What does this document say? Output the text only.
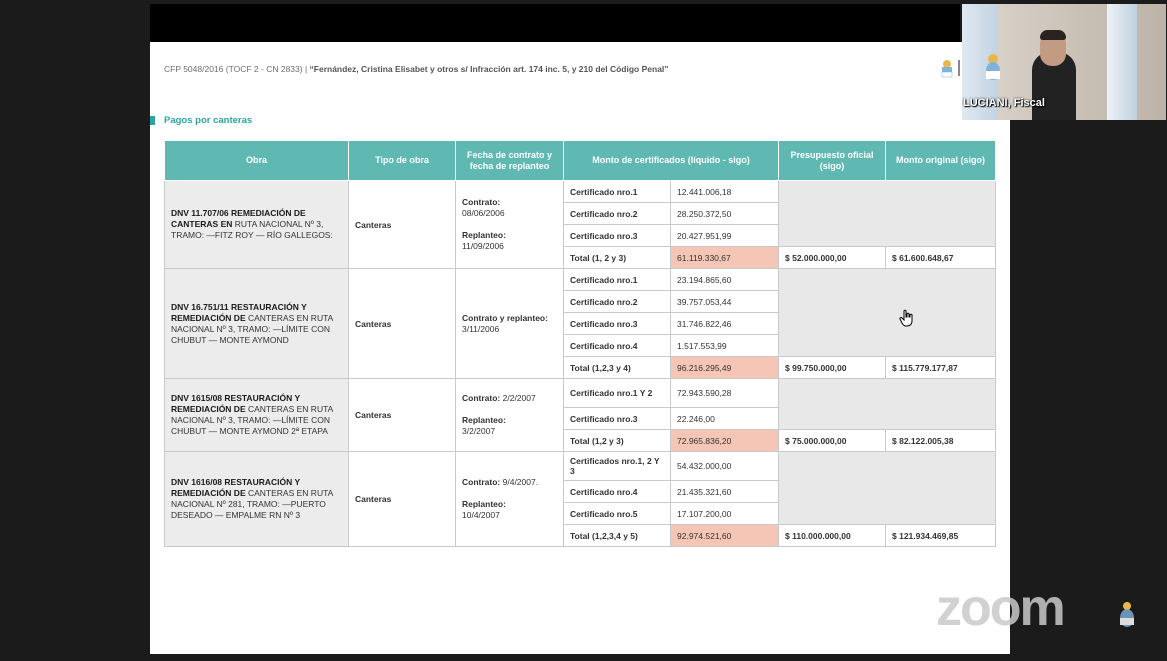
CFP 5048/2016 (TOCF 2 - CN 2833) | “Fernández, Cristina Elisabet y otros s/ Infracción art. 174 inc. 5, y 210 del Código Penal”
Pagos por canteras
Obra	Tipo de obra	Fecha de contrato y fecha de replanteo	Monto de certificados (líquido - sigo)		Presupuesto oficial (sigo)	Monto original (sigo)
DNV 11.707/06 REMEDIACIÓN DE CANTERAS EN RUTA NACIONAL Nº 3, TRAMO: —FITZ ROY — RÍO GALLEGOS:	Canteras	Contrato:
08/06/2006

Replanteo:
11/09/2006	Certificado nro.1	12.441.006,18		
			Certificado nro.2	28.250.372,50		
			Certificado nro.3	20.427.951,99		
			Total (1, 2 y 3)	61.119.330,67	$ 52.000.000,00	$ 61.600.648,67
DNV 16.751/11 RESTAURACIÓN Y REMEDIACIÓN DE CANTERAS EN RUTA NACIONAL Nº 3, TRAMO: —LÍMITE CON CHUBUT — MONTE AYMOND	Canteras	Contrato y replanteo:
3/11/2006	Certificado nro.1	23.194.865,60		
			Certificado nro.2	39.757.053,44		
			Certificado nro.3	31.746.822,46		
			Certificado nro.4	1.517.553,99		
			Total (1,2,3 y 4)	96.216.295,49	$ 99.750.000,00	$ 115.779.177,87
DNV 1615/08 RESTAURACIÓN Y REMEDIACIÓN DE CANTERAS EN RUTA NACIONAL Nº 3, TRAMO: —LÍMITE CON CHUBUT — MONTE AYMOND 2ª ETAPA	Canteras	Contrato: 2/2/2007

Replanteo:
3/2/2007	Certificado nro.1 Y 2	72.943.590,28		
			Certificado nro.3	22.246,00		
			Total (1,2 y 3)	72.965.836,20	$ 75.000.000,00	$ 82.122.005,38
DNV 1616/08 RESTAURACIÓN Y REMEDIACIÓN DE CANTERAS EN RUTA NACIONAL Nº 281, TRAMO: —PUERTO DESEADO — EMPALME RN Nº 3	Canteras	Contrato: 9/4/2007.

Replanteo:
10/4/2007	Certificados nro.1, 2 Y 3	54.432.000,00		
			Certificado nro.4	21.435.321,60		
			Certificado nro.5	17.107.200,00		
			Total (1,2,3,4 y 5)	92.974.521,60	$ 110.000.000,00	$ 121.934.469,85
LUCIANI, Fiscal
zoom
